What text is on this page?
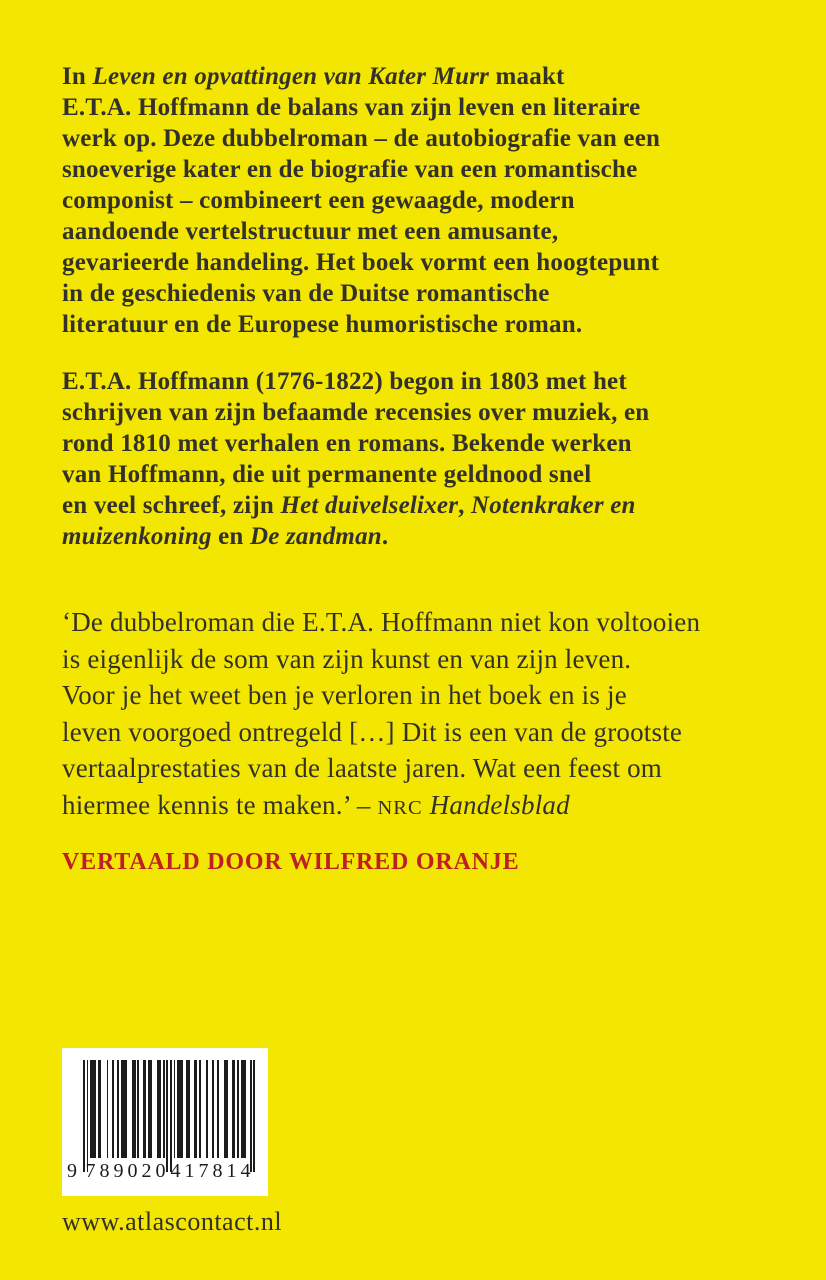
In Leven en opvattingen van Kater Murr maakt
E.T.A. Hoffmann de balans van zijn leven en literaire
werk op. Deze dubbelroman – de autobiografie van een
snoeverige kater en de biografie van een romantische
componist – combineert een gewaagde, modern
aandoende vertelstructuur met een amusante,
gevarieerde handeling. Het boek vormt een hoogtepunt
in de geschiedenis van de Duitse romantische
literatuur en de Europese humoristische roman.
E.T.A. Hoffmann (1776-1822) begon in 1803 met het
schrijven van zijn befaamde recensies over muziek, en
rond 1810 met verhalen en romans. Bekende werken
van Hoffmann, die uit permanente geldnood snel
en veel schreef, zijn Het duivelselixer, Notenkraker en
muizenkoning en De zandman.
‘De dubbelroman die E.T.A. Hoffmann niet kon voltooien
is eigenlijk de som van zijn kunst en van zijn leven.
Voor je het weet ben je verloren in het boek en is je
leven voorgoed ontregeld […] Dit is een van de grootste
vertaalprestaties van de laatste jaren. Wat een feest om
hiermee kennis te maken.’ – NRC Handelsblad
VERTAALD DOOR WILFRED ORANJE
9 789020 417814
www.atlascontact.nl
